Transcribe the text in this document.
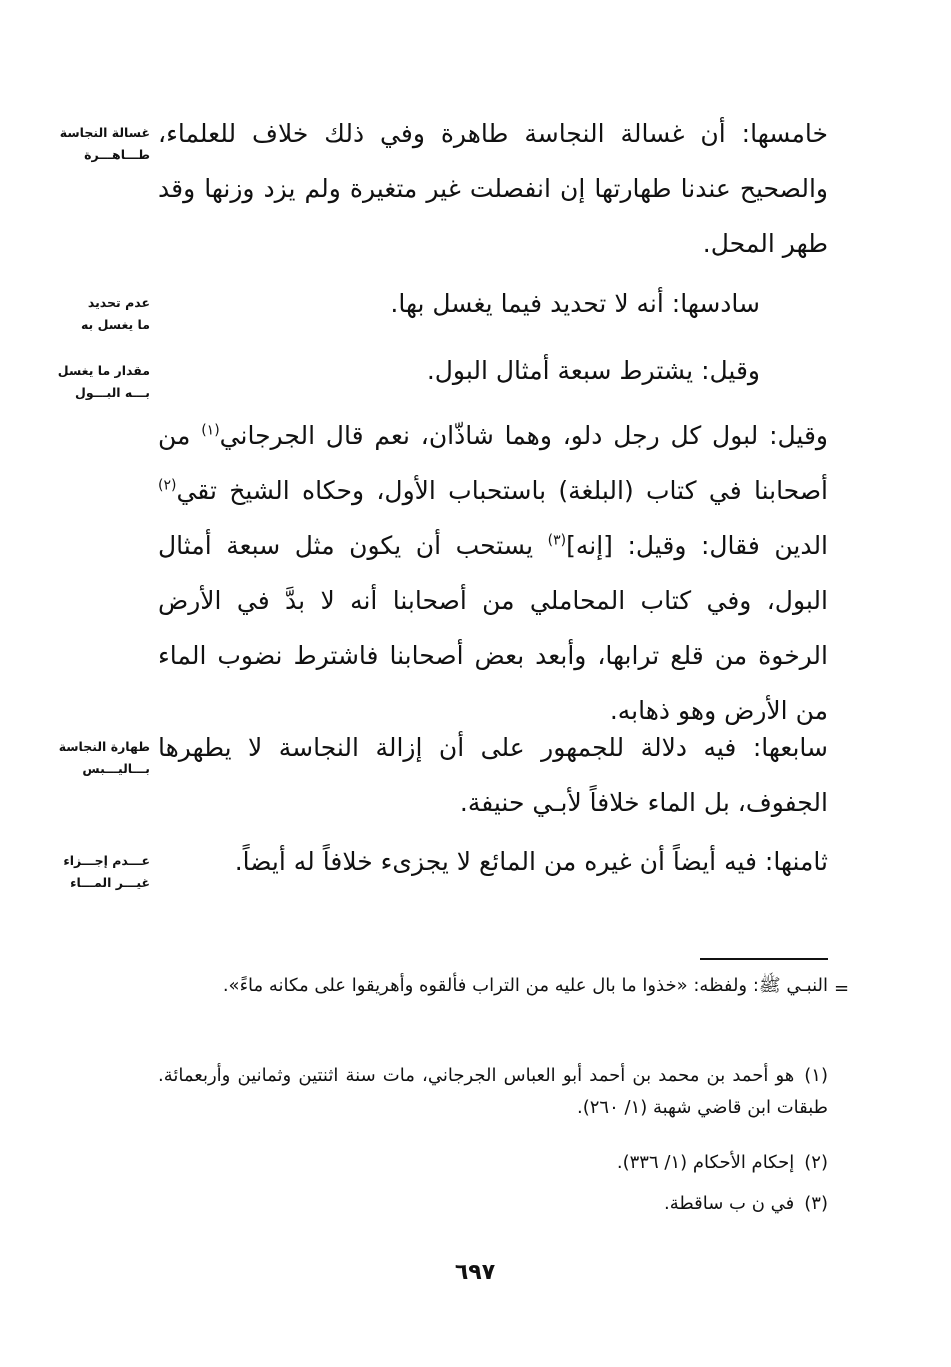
غسالة النجاسة
طـــاهـــرة
عدم تحديد
ما يغسل به
مقدار ما يغسل
بـــه البـــول
طهارة النجاسة
بـــاليـــبس
عـــدم إجـــزاء
غيـــر المـــاء

خامسها: أن غسالة النجاسة طاهرة وفي ذلك خلاف للعلماء، والصحيح عندنا طهارتها إن انفصلت غير متغيرة ولم يزد وزنها وقد طهر المحل.

سادسها: أنه لا تحديد فيما يغسل بها.

وقيل: يشترط سبعة أمثال البول.

وقيل: لبول كل رجل دلو، وهما شاذّان، نعم قال الجرجاني$^{(١)}$ من أصحابنا في كتاب (البلغة) باستحباب الأول، وحكاه الشيخ تقي$^{(٢)}$ الدين فقال: وقيل: [إنه]$^{(٣)}$ يستحب أن يكون مثل سبعة أمثال البول، وفي كتاب المحاملي من أصحابنا أنه لا بدَّ في الأرض الرخوة من قلع ترابها، وأبعد بعض أصحابنا فاشترط نضوب الماء من الأرض وهو ذهابه.

سابعها: فيه دلالة للجمهور على أن إزالة النجاسة لا يطهرها الجفوف، بل الماء خلافاً لأبـي حنيفة.

ثامنها: فيه أيضاً أن غيره من المائع لا يجزىء خلافاً له أيضاً.

=

النبـي ﷺ: ولفظه: «خذوا ما بال عليه من التراب فألقوه وأهريقوا على مكانه ماءً».

(١)هو أحمد بن محمد بن أحمد أبو العباس الجرجاني، مات سنة اثنتين وثمانين وأربعمائة. طبقات ابن قاضي شهبة (١/ ٢٦٠).

(٢)إحكام الأحكام (١/ ٣٣٦).

(٣)في ن ب ساقطة.

٦٩٧
